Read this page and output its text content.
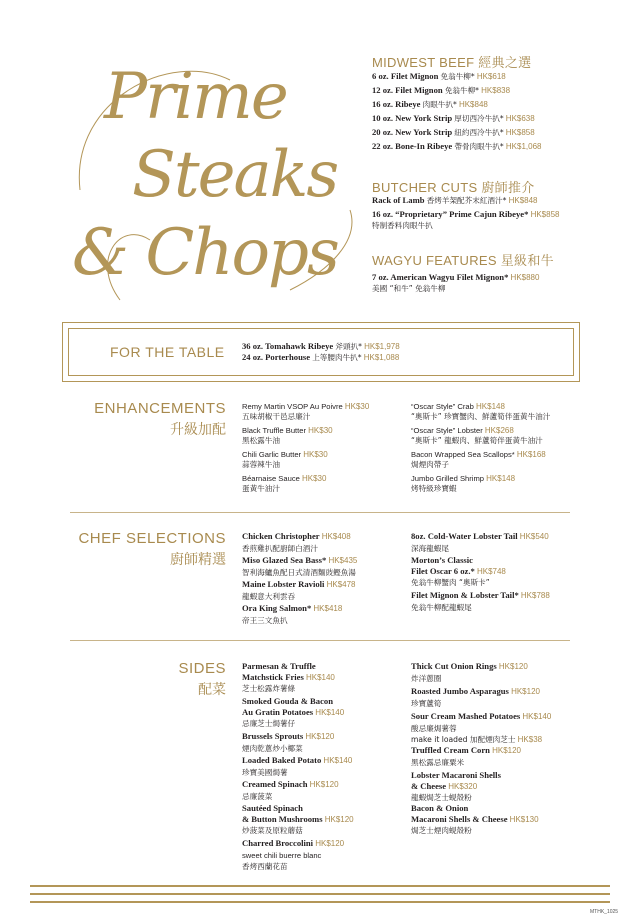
Prime
Steaks
& Chops
MIDWEST BEEF 經典之選
6 oz. Filet Mignon 免翁牛柳* HK$618
12 oz. Filet Mignon 免翁牛柳* HK$838
16 oz. Ribeye 肉眼牛扒* HK$848
10 oz. New York Strip 厚切西冷牛扒* HK$638
20 oz. New York Strip 紐約西冷牛扒* HK$858
22 oz. Bone-In Ribeye 帶骨肉眼牛扒* HK$1,068
BUTCHER CUTS 廚師推介
Rack of Lamb 香烤羊架配芥末紅酒汁* HK$848
16 oz. “Proprietary” Prime Cajun Ribeye* HK$858
特制香料肉眼牛扒
WAGYU FEATURES 星級和牛
7 oz. American Wagyu Filet Mignon* HK$880
美國 “和牛” 免翁牛柳
FOR THE TABLE 36 oz. Tomahawk Ribeye 斧頭扒* HK$1,978
24 oz. Porterhouse 上等腰肉牛扒* HK$1,088
ENHANCEMENTS
升級加配
Remy Martin VSOP Au Poivre HK$30
五味胡椒干邑忌廉汁
Black Truffle Butter HK$30
黑松露牛油
Chili Garlic Butter HK$30
蒜蓉辣牛油
Béarnaise Sauce HK$30
蛋黃牛油汁
“Oscar Style” Crab HK$148
“奧斯卡” 珍寶蟹肉、鮮蘆筍伴蛋黃牛油汁
“Oscar Style” Lobster HK$268
“奧斯卡” 龍蝦肉、鮮蘆筍伴蛋黃牛油汁
Bacon Wrapped Sea Scallops* HK$168
焗煙肉帶子
Jumbo Grilled Shrimp HK$148
烤特級珍寶蝦
CHEF SELECTIONS
廚師精選
Chicken Christopher HK$408
香煎雞扒配廚師白酒汁
Miso Glazed Sea Bass* HK$435
智利海鱸魚配日式清酒麵豉鰹魚湯
Maine Lobster Ravioli HK$478
龍蝦意大利雲吞
Ora King Salmon* HK$418
帝王三文魚扒
8oz. Cold-Water Lobster Tail HK$540
深海龍蝦尾
Morton’s Classic
Filet Oscar 6 oz.* HK$748
免翁牛柳蟹肉 “奧斯卡”
Filet Mignon & Lobster Tail* HK$788
免翁牛柳配龍蝦尾
SIDES
配菜
Parmesan & Truffle
Matchstick Fries HK$140
芝士松露炸薯條
Smoked Gouda & Bacon
Au Gratin Potatoes HK$140
忌廉芝士焗薯仔
Brussels Sprouts HK$120
煙肉乾蔥炒小椰菜
Loaded Baked Potato HK$140
珍寶美國焗薯
Creamed Spinach HK$120
忌廉菠菜
Sautéed Spinach
& Button Mushrooms HK$120
炒菠菜及原粒蘑菇
Charred Broccolini HK$120
sweet chili buerre blanc
香烤西蘭花苗
Thick Cut Onion Rings HK$120
炸洋蔥圈
Roasted Jumbo Asparagus HK$120
珍寶蘆筍
Sour Cream Mashed Potatoes HK$140
酸忌廉焗薯蓉
make it loaded 加配煙肉芝士 HK$38
Truffled Cream Corn HK$120
黑松露忌廉粟米
Lobster Macaroni Shells
& Cheese HK$320
龍蝦焗芝士蜆殼粉
Bacon & Onion
Macaroni Shells & Cheese HK$130
焗芝士煙肉蜆殼粉
MTHK_1025
